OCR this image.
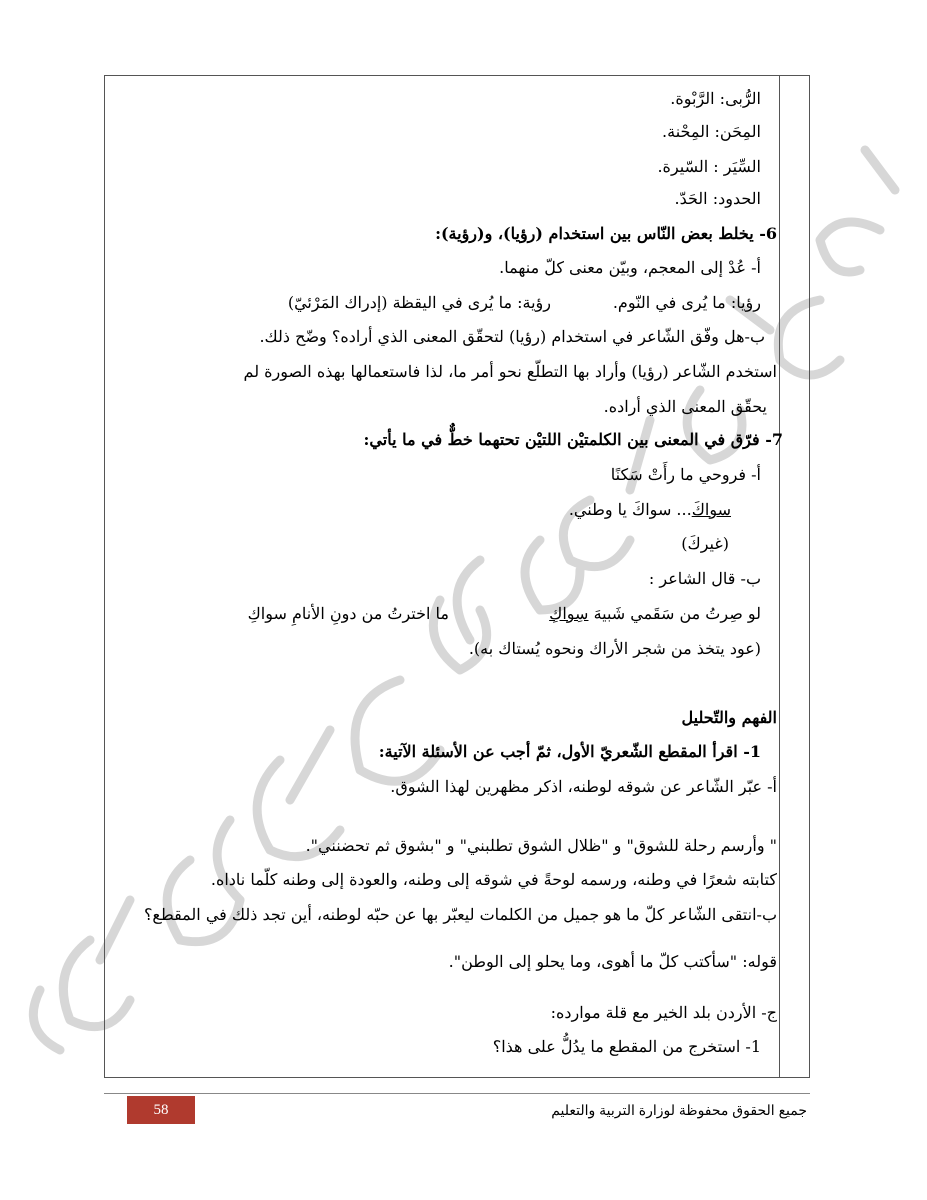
الرُّبى: الرَّبْوة.
المِحَن: المِحْنة.
السِّيَر : السّيرة.
الحدود: الحَدّ.
6- يخلط بعض النّاس بين استخدام (رؤيا)، و(رؤية):
أ- عُدْ إلى المعجم، وبيّن معنى كلّ منهما.
رؤيا: ما يُرى في النّوم.
رؤية: ما يُرى في اليقظة (إدراك المَرْئيّ)
ب-هل وفّق الشّاعر في استخدام (رؤيا) لتحقّق المعنى الذي أراده؟ وضّح ذلك.
استخدم الشّاعر (رؤيا) وأراد بها التطلّع نحو أمر ما، لذا فاستعمالها بهذه الصورة لم
يحقّق المعنى الذي أراده.
7- فرّق في المعنى بين الكلمتيْن اللتيْن تحتهما خطٌّ في ما يأتي:
أ- فروحي ما رأَتْ سَكنًا
سواكَ... سواكَ يا وطني.
(غيركَ)
ب- قال الشاعر :
لو صِرتُ من سَقَمي شَبيهَ سِواكِ
ما اخترتُ من دونِ الأنامِ سواكِ
(عود يتخذ من شجر الأراك ونحوه يُستاك به).
الفهم والتّحليل
1- اقرأ المقطع الشّعريّ الأول، ثمّ أجب عن الأسئلة الآتية:
أ- عبّر الشّاعر عن شوقه لوطنه، اذكر مظهرين لهذا الشوق.
" وأرسم رحلة للشوق" و "ظلال الشوق تطلبني" و "بشوق ثم تحضنني".
كتابته شعرًا في وطنه، ورسمه لوحةً في شوقه إلى وطنه، والعودة إلى وطنه كلّما ناداه.
ب-انتقى الشّاعر كلّ ما هو جميل من الكلمات ليعبّر بها عن حبّه لوطنه، أين تجد ذلك في المقطع؟
قوله: "سأكتب كلّ ما أهوى، وما يحلو إلى الوطن".
ج- الأردن بلد الخير مع قلة موارده:
1- استخرج من المقطع ما يدُلُّ على هذا؟
58	جميع الحقوق محفوظة لوزارة التربية والتعليم
